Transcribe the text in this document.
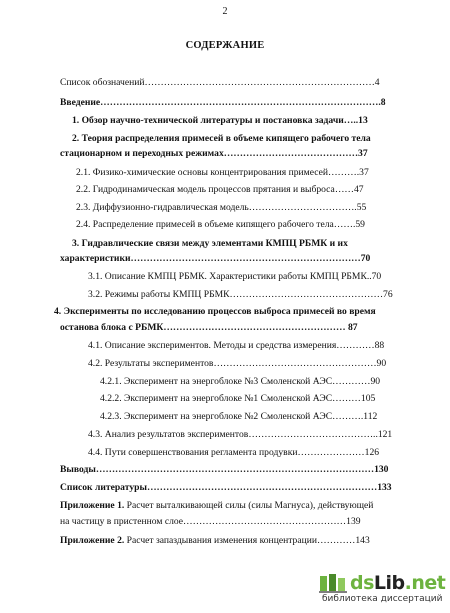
2
СОДЕРЖАНИЕ
Список обозначений………………………………………………………………4
Введение…………………………………………………………………………….8
1. Обзор научно-технической литературы и постановка задачи…..13
2. Теория распределения примесей в объеме кипящего рабочего тела
стационарном и переходных режимах……………………………………37
2.1. Физико-химические основы концентрирования примесей……….37
2.2. Гидродинамическая модель процессов прятания и выброса……47
2.3. Диффузионно-гидравлическая модель…………………………….55
2.4. Распределение примесей в объеме кипящего рабочего тела…….59
3. Гидравлические связи между элементами КМПЦ РБМК и их
характеристики………………………………………………………………70
3.1. Описание КМПЦ РБМК. Характеристики работы КМПЦ РБМК..70
3.2. Режимы работы КМПЦ РБМК…………………………………………76
4. Эксперименты по исследованию процессов выброса примесей во время
останова блока с РБМК………………………………………………… 87
4.1. Описание экспериментов. Методы и средства измерения…………88
4.2. Результаты экспериментов……………………………………………90
4.2.1. Эксперимент на энергоблоке №3 Смоленской АЭС…………90
4.2.2. Эксперимент на энергоблоке №1 Смоленской АЭС………105
4.2.3. Эксперимент на энергоблоке №2 Смоленской АЭС……….112
4.3. Анализ результатов экспериментов…………………………………..121
4.4. Пути совершенствования регламента продувки…………………126
Выводы……………………………………………………………………………130
Список литературы………………………………………………………………133
Приложение 1. Расчет выталкивающей силы (силы Магнуса), действующей
на частицу в пристенном слое……………………………………………139
Приложение 2. Расчет запаздывания изменения концентрации…………143
dsLib.net
библиотека диссертаций
